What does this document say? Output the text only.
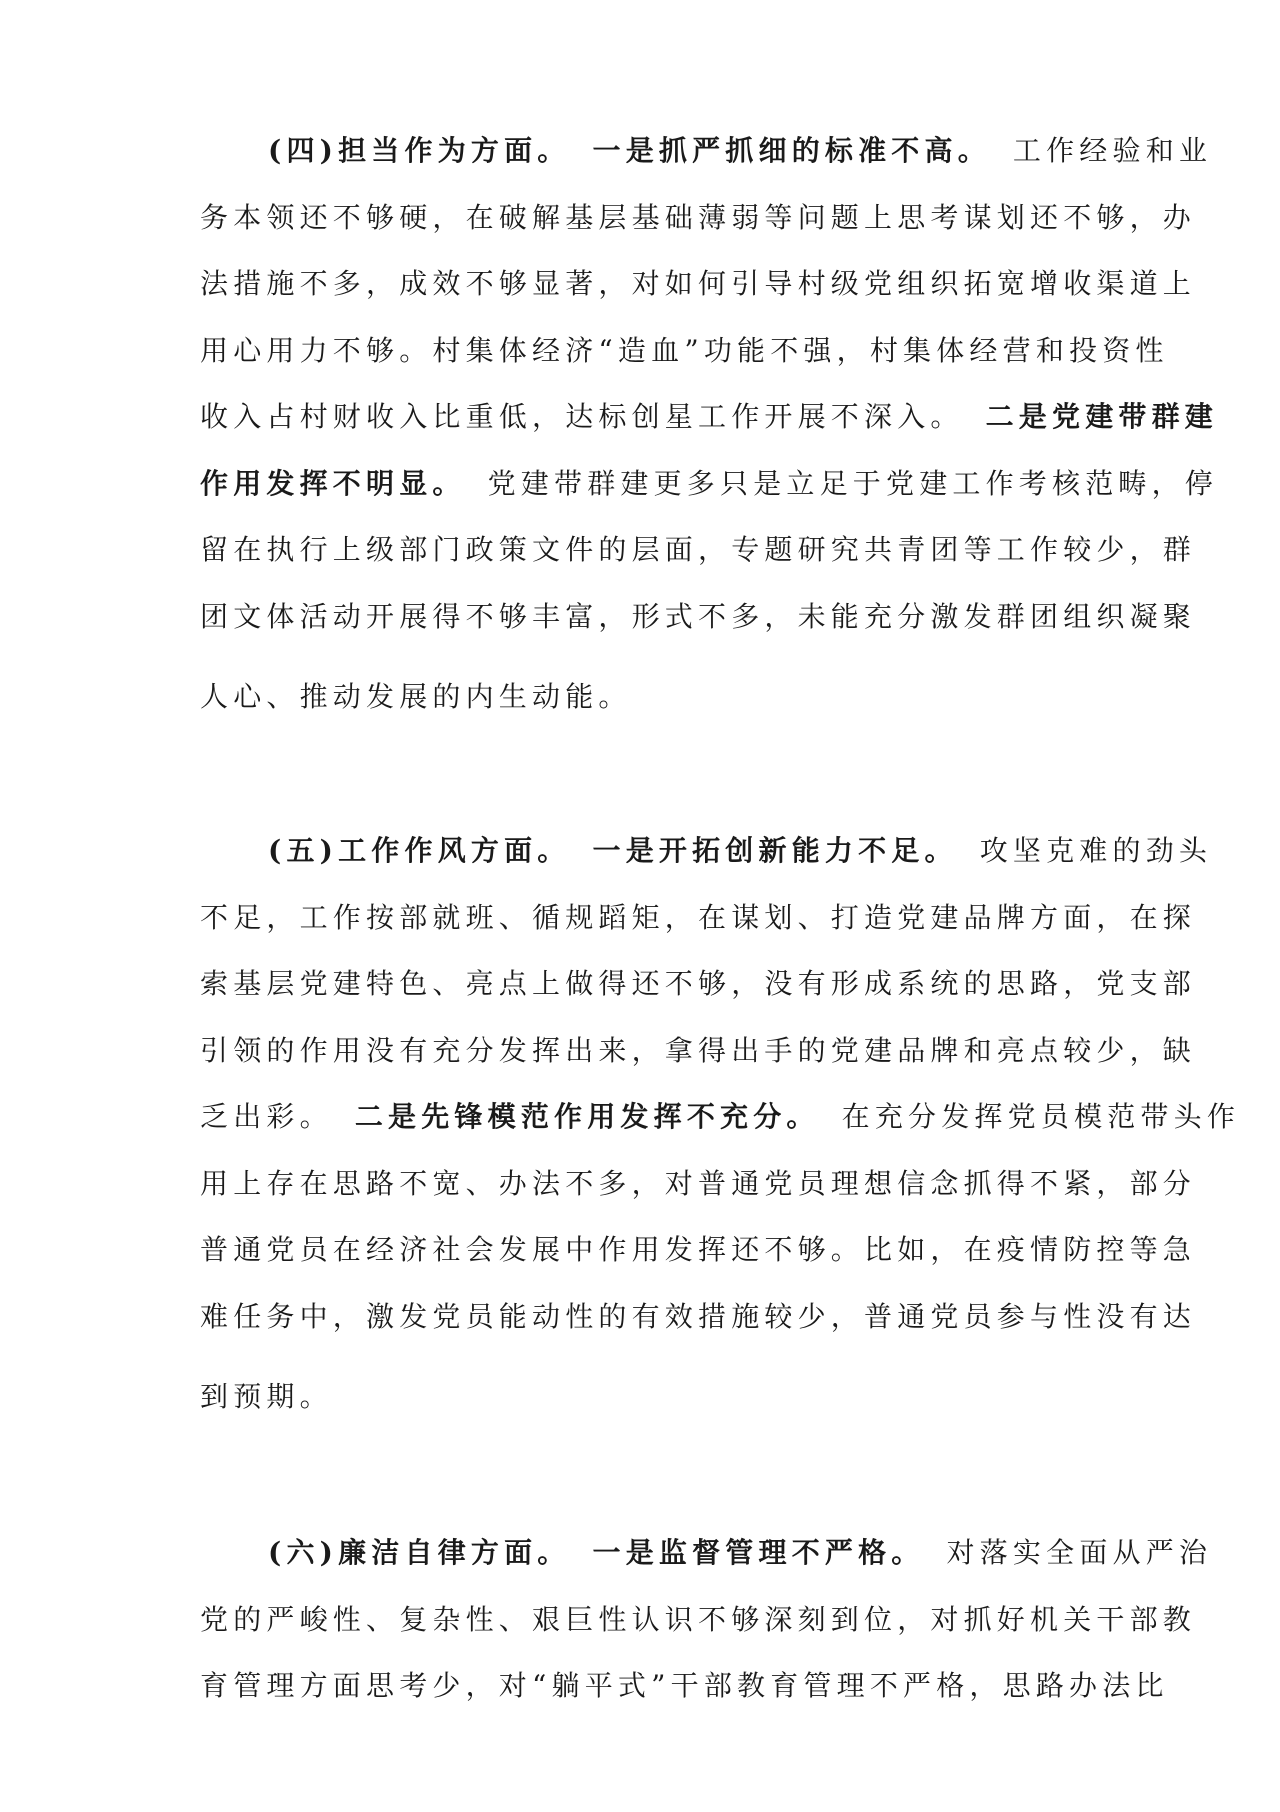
(四)担当作为方面。 一是抓严抓细的标准不高。 工作经验和业
务本领还不够硬，在破解基层基础薄弱等问题上思考谋划还不够，办
法措施不多，成效不够显著，对如何引导村级党组织拓宽增收渠道上
用心用力不够。村集体经济“造血”功能不强，村集体经营和投资性
收入占村财收入比重低，达标创星工作开展不深入。 二是党建带群建
作用发挥不明显。 党建带群建更多只是立足于党建工作考核范畴，停
留在执行上级部门政策文件的层面，专题研究共青团等工作较少，群
团文体活动开展得不够丰富，形式不多，未能充分激发群团组织凝聚
人心、推动发展的内生动能。
(五)工作作风方面。 一是开拓创新能力不足。 攻坚克难的劲头
不足，工作按部就班、循规蹈矩，在谋划、打造党建品牌方面，在探
索基层党建特色、亮点上做得还不够，没有形成系统的思路，党支部
引领的作用没有充分发挥出来，拿得出手的党建品牌和亮点较少，缺
乏出彩。 二是先锋模范作用发挥不充分。 在充分发挥党员模范带头作
用上存在思路不宽、办法不多，对普通党员理想信念抓得不紧，部分
普通党员在经济社会发展中作用发挥还不够。比如，在疫情防控等急
难任务中，激发党员能动性的有效措施较少，普通党员参与性没有达
到预期。
(六)廉洁自律方面。 一是监督管理不严格。 对落实全面从严治
党的严峻性、复杂性、艰巨性认识不够深刻到位，对抓好机关干部教
育管理方面思考少，对“躺平式”干部教育管理不严格，思路办法比
